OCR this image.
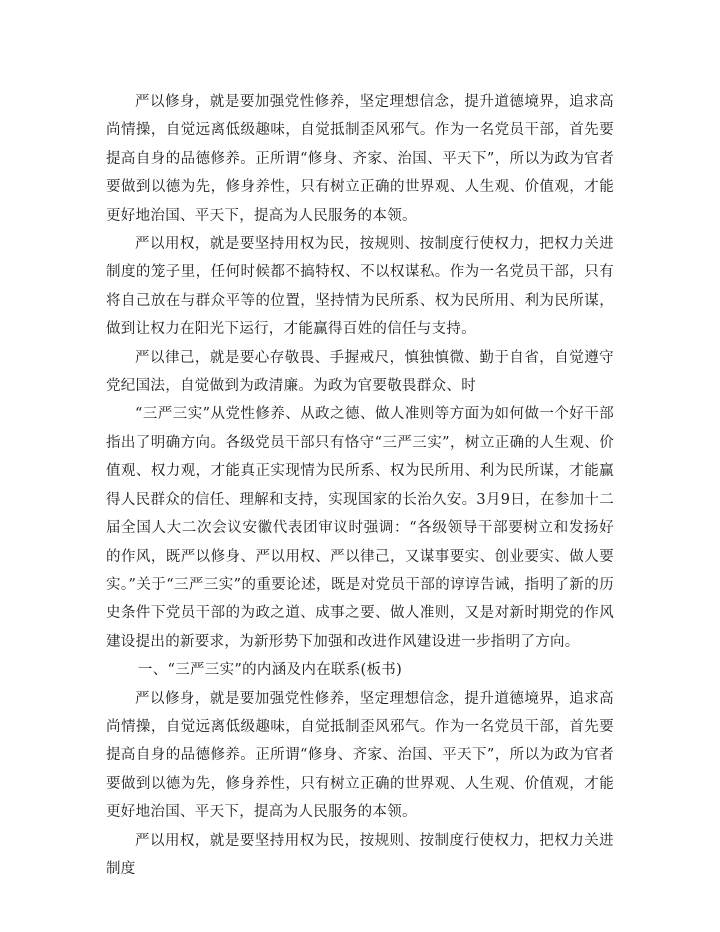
严以修身，就是要加强党性修养，坚定理想信念，提升道德境界，追求高尚情操，自觉远离低级趣味，自觉抵制歪风邪气。作为一名党员干部，首先要提高自身的品德修养。正所谓“修身、齐家、治国、平天下”，所以为政为官者要做到以德为先，修身养性，只有树立正确的世界观、人生观、价值观，才能更好地治国、平天下，提高为人民服务的本领。

严以用权，就是要坚持用权为民，按规则、按制度行使权力，把权力关进制度的笼子里，任何时候都不搞特权、不以权谋私。作为一名党员干部，只有将自己放在与群众平等的位置，坚持情为民所系、权为民所用、利为民所谋，做到让权力在阳光下运行，才能赢得百姓的信任与支持。

严以律己，就是要心存敬畏、手握戒尺，慎独慎微、勤于自省，自觉遵守党纪国法，自觉做到为政清廉。为政为官要敬畏群众、时

“三严三实”从党性修养、从政之德、做人准则等方面为如何做一个好干部指出了明确方向。各级党员干部只有恪守“三严三实”，树立正确的人生观、价值观、权力观，才能真正实现情为民所系、权为民所用、利为民所谋，才能赢得人民群众的信任、理解和支持，实现国家的长治久安。3月9日，在参加十二届全国人大二次会议安徽代表团审议时强调：“各级领导干部要树立和发扬好的作风，既严以修身、严以用权、严以律己，又谋事要实、创业要实、做人要实。”关于“三严三实”的重要论述，既是对党员干部的谆谆告诫，指明了新的历史条件下党员干部的为政之道、成事之要、做人准则，又是对新时期党的作风建设提出的新要求，为新形势下加强和改进作风建设进一步指明了方向。

一、“三严三实”的内涵及内在联系(板书)

严以修身，就是要加强党性修养，坚定理想信念，提升道德境界，追求高尚情操，自觉远离低级趣味，自觉抵制歪风邪气。作为一名党员干部，首先要提高自身的品德修养。正所谓“修身、齐家、治国、平天下”，所以为政为官者要做到以德为先，修身养性，只有树立正确的世界观、人生观、价值观，才能更好地治国、平天下，提高为人民服务的本领。

严以用权，就是要坚持用权为民，按规则、按制度行使权力，把权力关进制度
